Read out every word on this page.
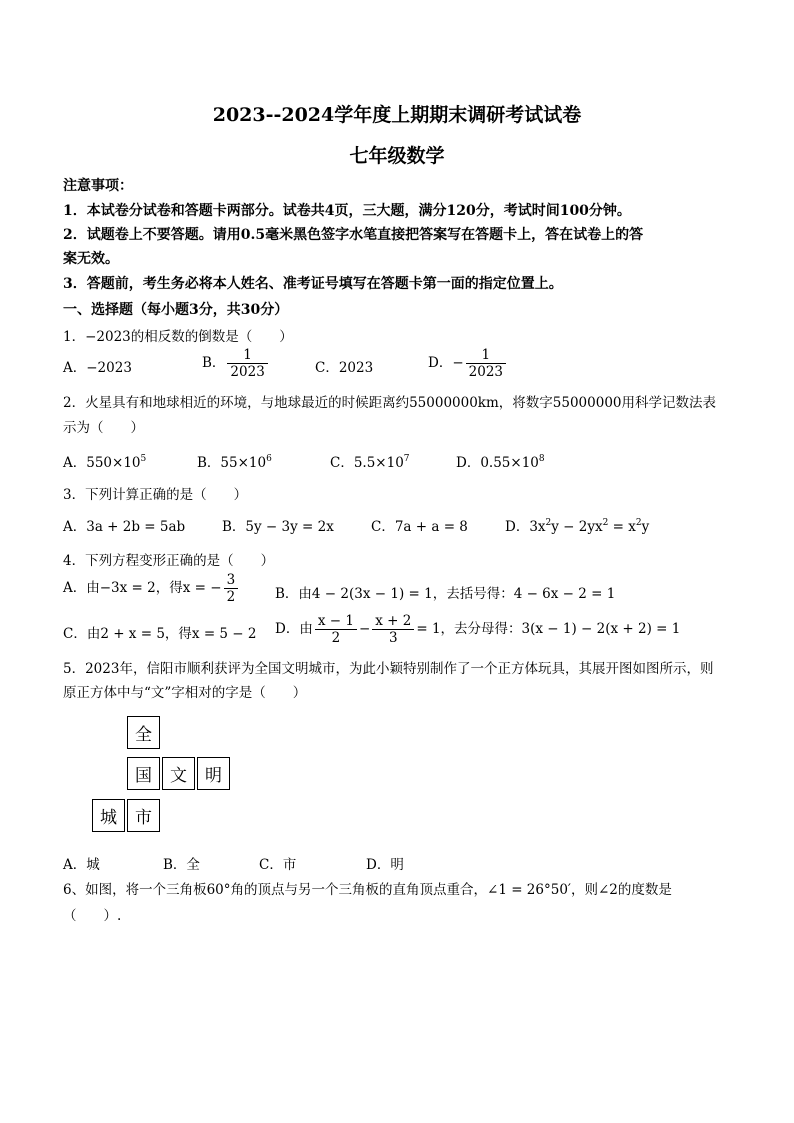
2023--2024学年度上期期末调研考试试卷
七年级数学
注意事项：
1．本试卷分试卷和答题卡两部分。试卷共4页，三大题，满分120分，考试时间100分钟。
2．试题卷上不要答题。请用0.5毫米黑色签字水笔直接把答案写在答题卡上，答在试卷上的答
案无效。
3．答题前，考生务必将本人姓名、准考证号填写在答题卡第一面的指定位置上。
一、选择题（每小题3分，共30分）
1．−2023的相反数的倒数是（　　）
A．−2023	B． $\frac{1}{2023}$	C．2023	D．− $\frac{1}{2023}$
2．火星具有和地球相近的环境，与地球最近的时候距离约55000000km，将数字55000000用科学记数法表
示为（　　）
A．$550\times 10^5$	B．$55\times 10^6$	C．$5.5\times 10^7$	D．$0.55\times 10^8$
3．下列计算正确的是（　　）
A．3a + 2b = 5ab	B．5y − 3y = 2x	C．7a + a = 8	D．$3x^2y - 2yx^2 = x^2y$
4．下列方程变形正确的是（　　）
A．由−3x = 2，得x = − $\frac{3}{2}$	B．由4 − 2(3x − 1) = 1，去括号得：4 − 6x − 2 = 1
C．由2 + x = 5，得x = 5 − 2 D．由 $\frac{x - 1}{2} - \frac{x + 2}{3} = 1$，去分母得：3(x − 1) − 2(x + 2) = 1
5．2023年，信阳市顺利获评为全国文明城市，为此小颖特别制作了一个正方体玩具，其展开图如图所示，则
原正方体中与“文”字相对的字是（　　）
全
国	文	明
城	市
A．城	B．全	C．市	D．明
6、如图，将一个三角板60°角的顶点与另一个三角板的直角顶点重合，∠1 = 26°50′，则∠2的度数是
（　　）.
